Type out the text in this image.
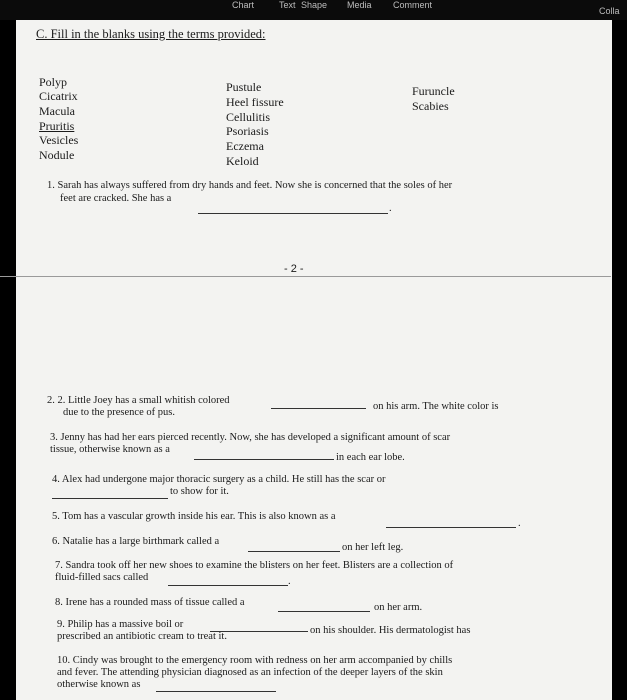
Chart	Text Shape Media Comment
Colla
C. Fill in the blanks using the terms provided:
Polyp
Cicatrix
Macula
Pruritis
Vesicles
Nodule
Pustule
Heel fissure
Cellulitis
Psoriasis
Eczema
Keloid
Furuncle
Scabies
1. Sarah has always suffered from dry hands and feet. Now she is concerned that the soles of her
feet are cracked. She has a
.
- 2 -
2. 2. Little Joey has a small whitish colored
on his arm. The white color is
due to the presence of pus.
3. Jenny has had her ears pierced recently. Now, she has developed a significant amount of scar
tissue, otherwise known as a
in each ear lobe.
4. Alex had undergone major thoracic surgery as a child. He still has the scar or
to show for it.
5. Tom has a vascular growth inside his ear. This is also known as a
.
6. Natalie has a large birthmark called a
on her left leg.
7. Sandra took off her new shoes to examine the blisters on her feet. Blisters are a collection of
fluid-filled sacs called	.
8. Irene has a rounded mass of tissue called a	on her arm.
9. Philip has a massive boil or
on his shoulder. His dermatologist has
prescribed an antibiotic cream to treat it.
10. Cindy was brought to the emergency room with redness on her arm accompanied by chills
and fever. The attending physician diagnosed as an infection of the deeper layers of the skin
otherwise known as
